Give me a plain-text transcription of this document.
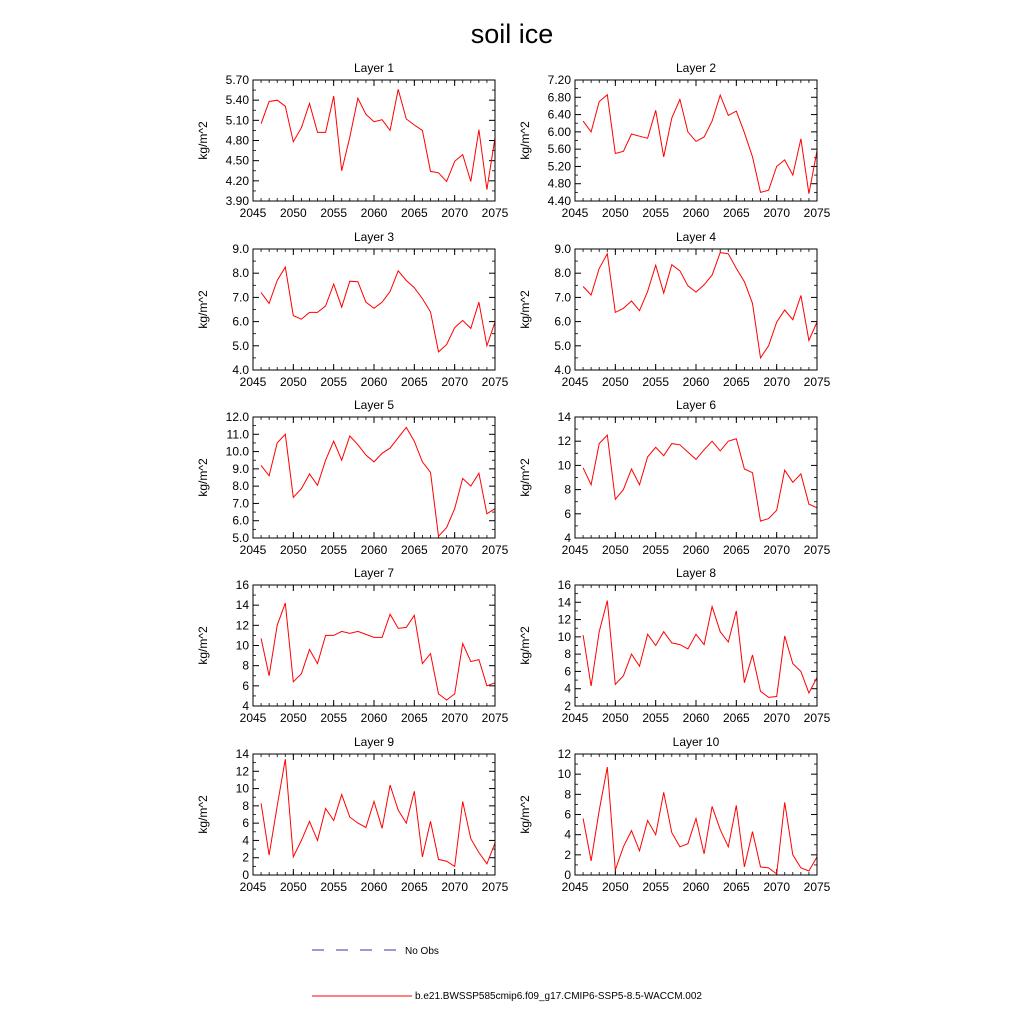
soil ice
Layer 1
2045 2050 2055 2060 2065 2070 2075
3.90
4.20
4.50
4.80
5.10
5.40
5.70
kg/m^2
Layer 2
2045 2050 2055 2060 2065 2070 2075
4.40
4.80
5.20
5.60
6.00
6.40
6.80
7.20
kg/m^2
Layer 3
2045 2050 2055 2060 2065 2070 2075
4.0
5.0
6.0
7.0
8.0
9.0
kg/m^2
Layer 4
2045 2050 2055 2060 2065 2070 2075
4.0
5.0
6.0
7.0
8.0
9.0
kg/m^2
Layer 5
2045 2050 2055 2060 2065 2070 2075
5.0
6.0
7.0
8.0
9.0
10.0
11.0
12.0
kg/m^2
Layer 6
2045 2050 2055 2060 2065 2070 2075
4
6
8
10
12
14
kg/m^2
Layer 7
2045 2050 2055 2060 2065 2070 2075
4
6
8
10
12
14
16
kg/m^2
Layer 8
2045 2050 2055 2060 2065 2070 2075
2
4
6
8
10
12
14
16
kg/m^2
Layer 9
2045 2050 2055 2060 2065 2070 2075
0
2
4
6
8
10
12
14
kg/m^2
Layer 10
2045 2050 2055 2060 2065 2070 2075
0
2
4
6
8
10
12
kg/m^2
No Obs
b.e21.BWSSP585cmip6.f09_g17.CMIP6-SSP5-8.5-WACCM.002
